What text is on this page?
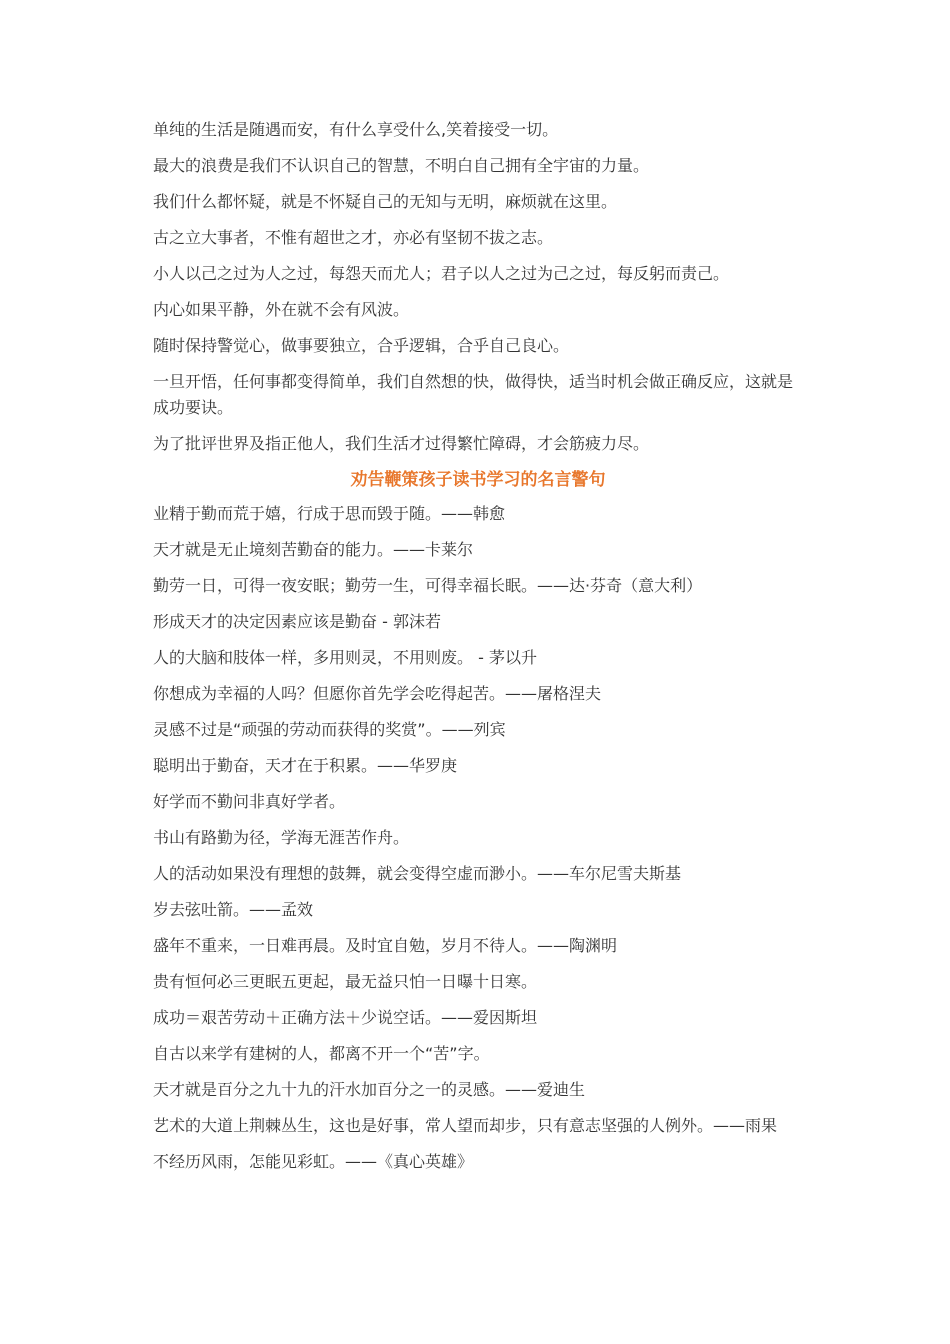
单纯的生活是随遇而安，有什么享受什么,笑着接受一切。

最大的浪费是我们不认识自己的智慧，不明白自己拥有全宇宙的力量。

我们什么都怀疑，就是不怀疑自己的无知与无明，麻烦就在这里。

古之立大事者，不惟有超世之才，亦必有坚韧不拔之志。

小人以己之过为人之过，每怨天而尤人；君子以人之过为己之过，每反躬而责己。

内心如果平静，外在就不会有风波。

随时保持警觉心，做事要独立，合乎逻辑，合乎自己良心。

一旦开悟，任何事都变得简单，我们自然想的快，做得快，适当时机会做正确反应，这就是成功要诀。

为了批评世界及指正他人，我们生活才过得繁忙障碍，才会筋疲力尽。

劝告鞭策孩子读书学习的名言警句

业精于勤而荒于嬉，行成于思而毁于随。——韩愈

天才就是无止境刻苦勤奋的能力。——卡莱尔

勤劳一日，可得一夜安眠；勤劳一生，可得幸福长眠。——达·芬奇（意大利）

形成天才的决定因素应该是勤奋 - 郭沫若

人的大脑和肢体一样，多用则灵，不用则废。 - 茅以升

你想成为幸福的人吗？但愿你首先学会吃得起苦。——屠格涅夫

灵感不过是“顽强的劳动而获得的奖赏”。——列宾

聪明出于勤奋，天才在于积累。——华罗庚

好学而不勤问非真好学者。

书山有路勤为径，学海无涯苦作舟。

人的活动如果没有理想的鼓舞，就会变得空虚而渺小。——车尔尼雪夫斯基

岁去弦吐箭。——孟效

盛年不重来，一日难再晨。及时宜自勉，岁月不待人。——陶渊明

贵有恒何必三更眠五更起，最无益只怕一日曝十日寒。

成功＝艰苦劳动＋正确方法＋少说空话。——爱因斯坦

自古以来学有建树的人，都离不开一个“苦”字。

天才就是百分之九十九的汗水加百分之一的灵感。——爱迪生

艺术的大道上荆棘丛生，这也是好事，常人望而却步，只有意志坚强的人例外。——雨果

不经历风雨，怎能见彩虹。——《真心英雄》
